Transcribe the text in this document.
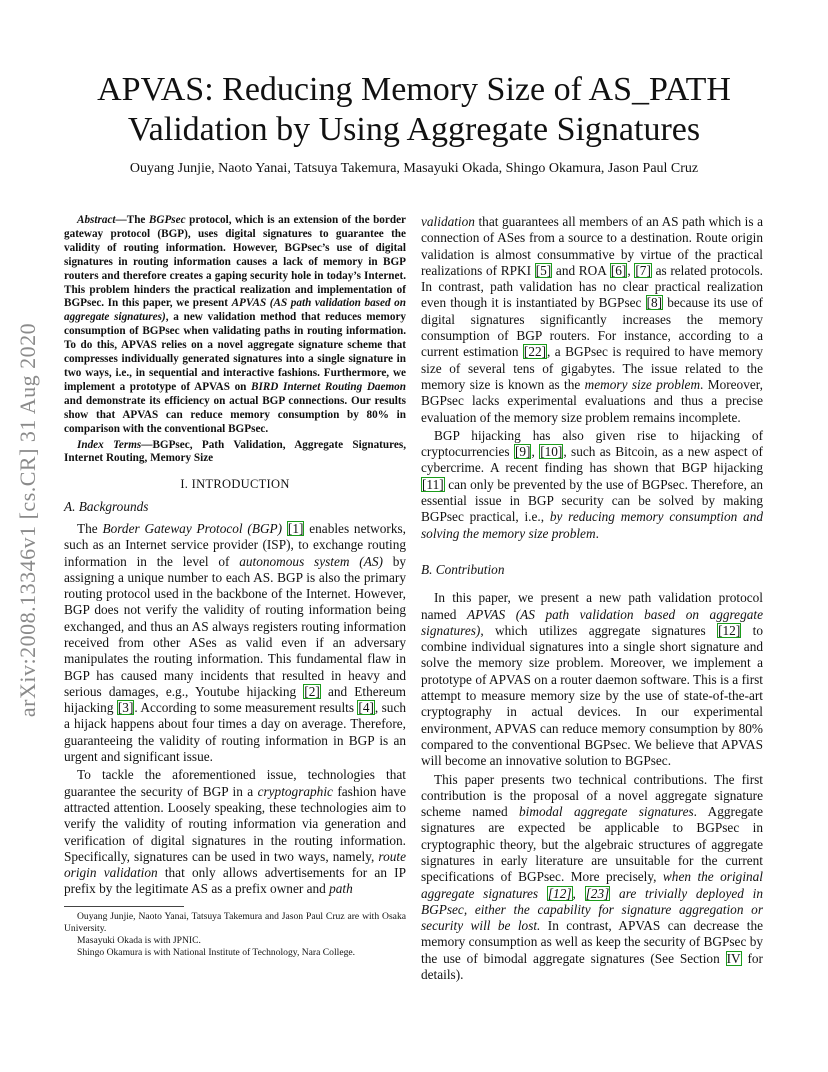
arXiv:2008.13346v1 [cs.CR] 31 Aug 2020
APVAS: Reducing Memory Size of AS_PATH Validation by Using Aggregate Signatures
Ouyang Junjie, Naoto Yanai, Tatsuya Takemura, Masayuki Okada, Shingo Okamura, Jason Paul Cruz

Abstract—The BGPsec protocol, which is an extension of the border gateway protocol (BGP), uses digital signatures to guarantee the validity of routing information. However, BGPsec’s use of digital signatures in routing information causes a lack of memory in BGP routers and therefore creates a gaping security hole in today’s Internet. This problem hinders the practical realization and implementation of BGPsec. In this paper, we present APVAS (AS path validation based on aggregate signatures), a new validation method that reduces memory consumption of BGPsec when validating paths in routing information. To do this, APVAS relies on a novel aggregate signature scheme that compresses individually generated signatures into a single signature in two ways, i.e., in sequential and interactive fashions. Furthermore, we implement a prototype of APVAS on BIRD Internet Routing Daemon and demonstrate its efficiency on actual BGP connections. Our results show that APVAS can reduce memory consumption by 80% in comparison with the conventional BGPsec.

Index Terms—BGPsec, Path Validation, Aggregate Signatures, Internet Routing, Memory Size

I. INTRODUCTION
A. Backgrounds

The Border Gateway Protocol (BGP) [1] enables networks, such as an Internet service provider (ISP), to exchange routing information in the level of autonomous system (AS) by assigning a unique number to each AS. BGP is also the primary routing protocol used in the backbone of the Internet. However, BGP does not verify the validity of routing information being exchanged, and thus an AS always registers routing information received from other ASes as valid even if an adversary manipulates the routing information. This fundamental flaw in BGP has caused many incidents that resulted in heavy and serious damages, e.g., Youtube hijacking [2] and Ethereum hijacking [3]. According to some measurement results [4], such a hijack happens about four times a day on average. Therefore, guaranteeing the validity of routing information in BGP is an urgent and significant issue.

To tackle the aforementioned issue, technologies that guarantee the security of BGP in a cryptographic fashion have attracted attention. Loosely speaking, these technologies aim to verify the validity of routing information via generation and verification of digital signatures in the routing information. Specifically, signatures can be used in two ways, namely, route origin validation that only allows advertisements for an IP prefix by the legitimate AS as a prefix owner and path

Ouyang Junjie, Naoto Yanai, Tatsuya Takemura and Jason Paul Cruz are with Osaka University.

Masayuki Okada is with JPNIC.

Shingo Okamura is with National Institute of Technology, Nara College.

validation that guarantees all members of an AS path which is a connection of ASes from a source to a destination. Route origin validation is almost consummative by virtue of the practical realizations of RPKI [5] and ROA [6], [7] as related protocols. In contrast, path validation has no clear practical realization even though it is instantiated by BGPsec [8] because its use of digital signatures significantly increases the memory consumption of BGP routers. For instance, according to a current estimation [22], a BGPsec is required to have memory size of several tens of gigabytes. The issue related to the memory size is known as the memory size problem. Moreover, BGPsec lacks experimental evaluations and thus a precise evaluation of the memory size problem remains incomplete.

BGP hijacking has also given rise to hijacking of cryptocurrencies [9], [10], such as Bitcoin, as a new aspect of cybercrime. A recent finding has shown that BGP hijacking [11] can only be prevented by the use of BGPsec. Therefore, an essential issue in BGP security can be solved by making BGPsec practical, i.e., by reducing memory consumption and solving the memory size problem.

B. Contribution

In this paper, we present a new path validation protocol named APVAS (AS path validation based on aggregate signatures), which utilizes aggregate signatures [12] to combine individual signatures into a single short signature and solve the memory size problem. Moreover, we implement a prototype of APVAS on a router daemon software. This is a first attempt to measure memory size by the use of state-of-the-art cryptography in actual devices. In our experimental environment, APVAS can reduce memory consumption by 80% compared to the conventional BGPsec. We believe that APVAS will become an innovative solution to BGPsec.

This paper presents two technical contributions. The first contribution is the proposal of a novel aggregate signature scheme named bimodal aggregate signatures. Aggregate signatures are expected be applicable to BGPsec in cryptographic theory, but the algebraic structures of aggregate signatures in early literature are unsuitable for the current specifications of BGPsec. More precisely, when the original aggregate signatures [12], [23] are trivially deployed in BGPsec, either the capability for signature aggregation or security will be lost. In contrast, APVAS can decrease the memory consumption as well as keep the security of BGPsec by the use of bimodal aggregate signatures (See Section IV for details).
